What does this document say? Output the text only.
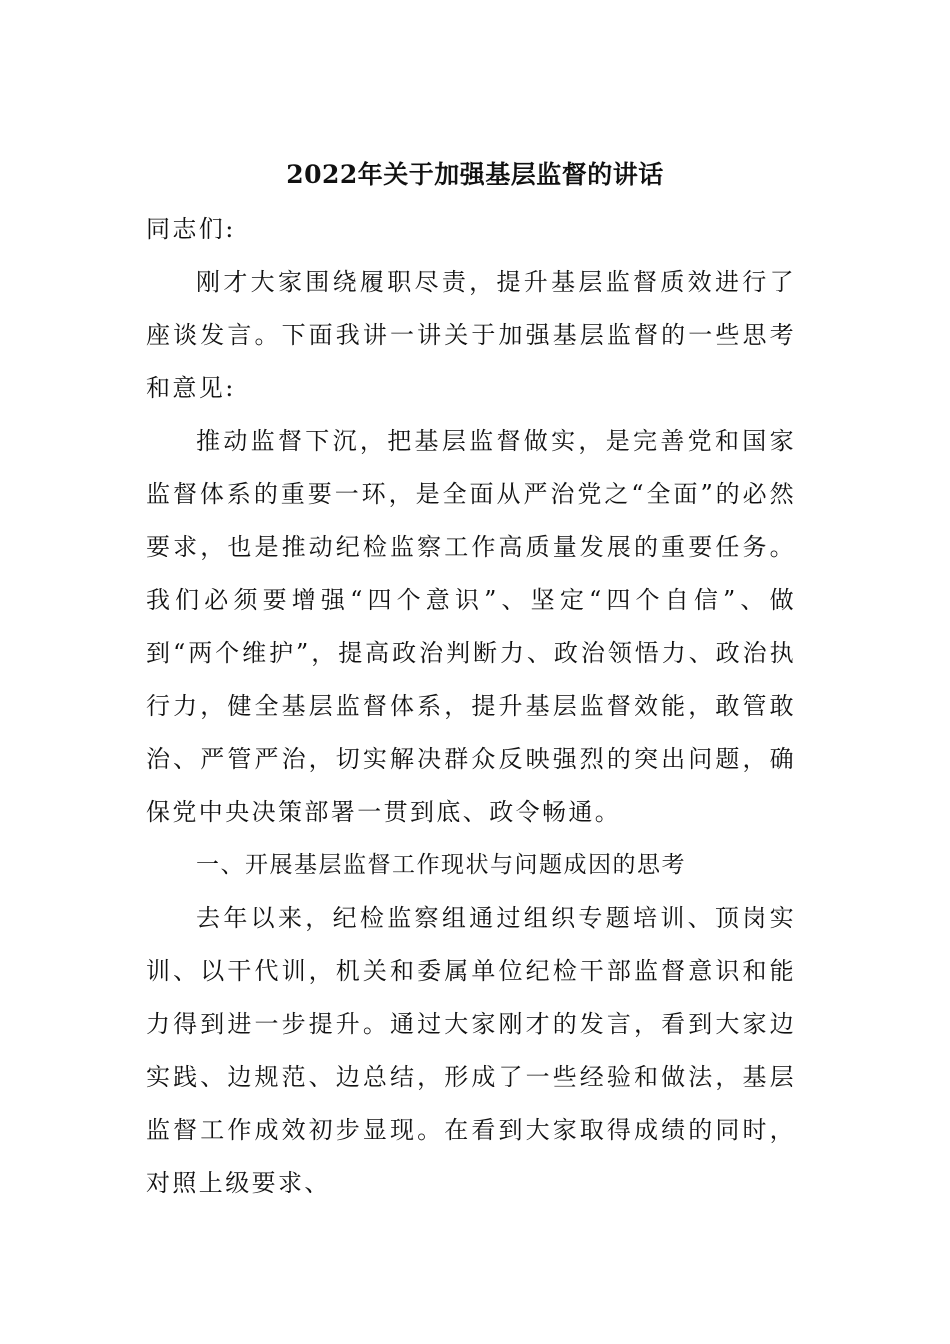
2022年关于加强基层监督的讲话

同志们:

刚才大家围绕履职尽责，提升基层监督质效进行了座谈发言。下面我讲一讲关于加强基层监督的一些思考和意见:

推动监督下沉，把基层监督做实，是完善党和国家监督体系的重要一环，是全面从严治党之“全面”的必然要求，也是推动纪检监察工作高质量发展的重要任务。我们必须要增强“四个意识”、坚定“四个自信”、做到“两个维护”，提高政治判断力、政治领悟力、政治执行力，健全基层监督体系，提升基层监督效能，敢管敢治、严管严治，切实解决群众反映强烈的突出问题，确保党中央决策部署一贯到底、政令畅通。

一、开展基层监督工作现状与问题成因的思考

去年以来，纪检监察组通过组织专题培训、顶岗实训、以干代训，机关和委属单位纪检干部监督意识和能力得到进一步提升。通过大家刚才的发言，看到大家边实践、边规范、边总结，形成了一些经验和做法，基层监督工作成效初步显现。在看到大家取得成绩的同时，对照上级要求、
